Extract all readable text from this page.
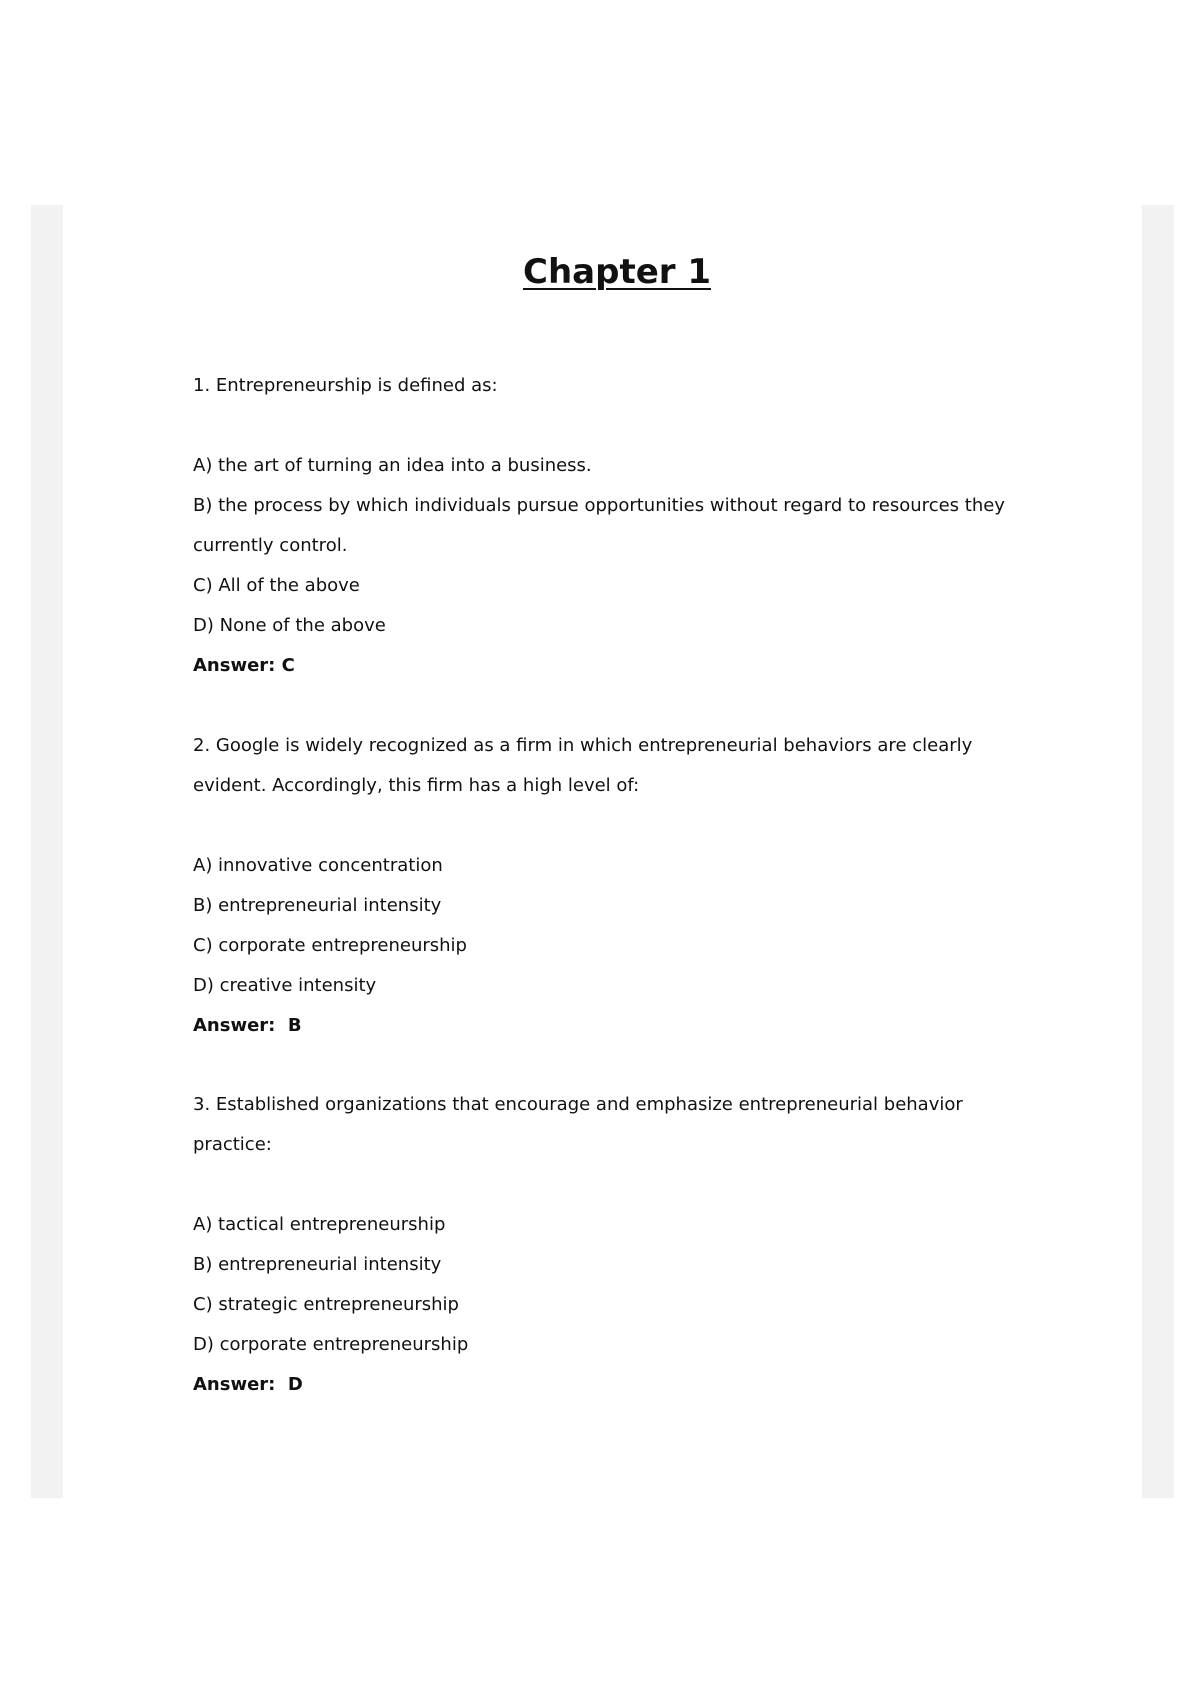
Chapter 1

1. Entrepreneurship is defined as:

A) the art of turning an idea into a business.

B) the process by which individuals pursue opportunities without regard to resources they

currently control.

C) All of the above

D) None of the above

Answer: C

2. Google is widely recognized as a firm in which entrepreneurial behaviors are clearly

evident. Accordingly, this firm has a high level of:

A) innovative concentration

B) entrepreneurial intensity

C) corporate entrepreneurship

D) creative intensity

Answer:  B

3. Established organizations that encourage and emphasize entrepreneurial behavior

practice:

A) tactical entrepreneurship

B) entrepreneurial intensity

C) strategic entrepreneurship

D) corporate entrepreneurship

Answer:  D
